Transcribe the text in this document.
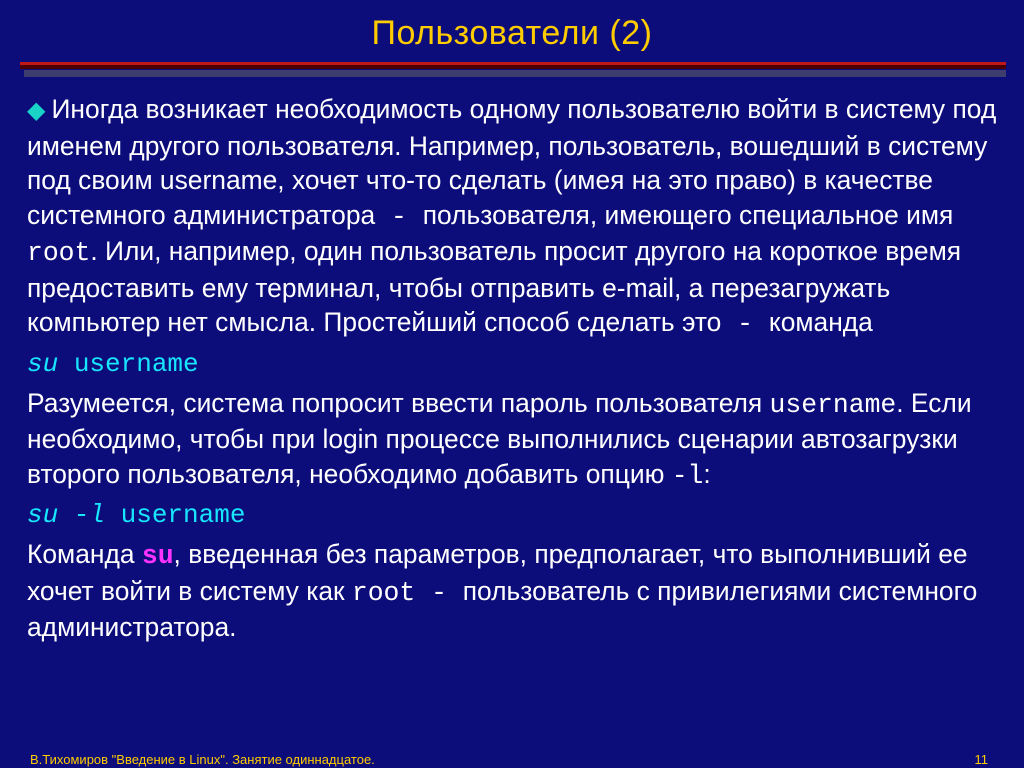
Пользователи (2)

◆ Иногда возникает необходимость одному пользователю войти в систему под именем другого пользователя. Например, пользователь, вошедший в систему под своим username, хочет что-то сделать (имея на это право) в качестве системного администратора - пользователя, имеющего специальное имя root. Или, например, один пользователь просит другого на короткое время предоставить ему терминал, чтобы отправить e-mail, а перезагружать компьютер нет смысла. Простейший способ сделать это - команда

su username

Разумеется, система попросит ввести пароль пользователя username. Если необходимо, чтобы при login процессе выполнились сценарии автозагрузки второго пользователя, необходимо добавить опцию -l:

su -l username

Команда su, введенная без параметров, предполагает, что выполнивший ее хочет войти в систему как root - пользователь с привилегиями системного администратора.

В.Тихомиров "Введение в Linux". Занятие одиннадцатое.	11
